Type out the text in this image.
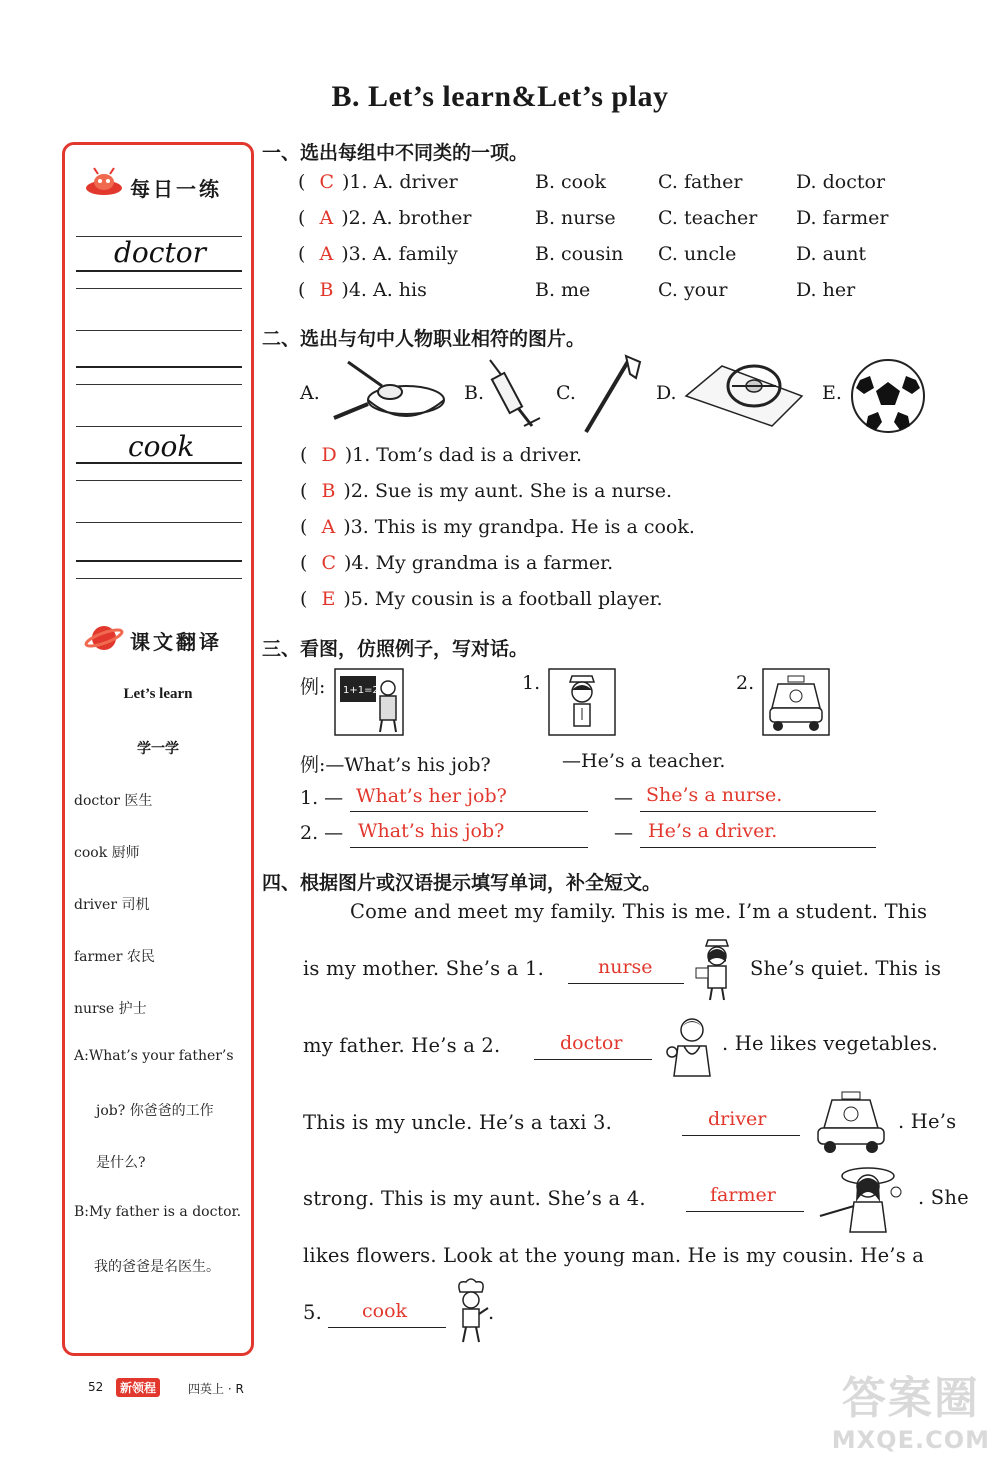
B. Let’s learn&Let’s play
每日一练
doctor
cook
课文翻译
Let’s learn
学一学
doctor 医生
cook 厨师
driver 司机
farmer 农民
nurse 护士
A:What’s your father’s
job? 你爸爸的工作
是什么?
B:My father is a doctor.
我的爸爸是名医生。
一、选出每组中不同类的一项。
( C )1. A. driver	B. cook	C. father	D. doctor
( A )2. A. brother	B. nurse C. teacher D. farmer
( A )3. A. family	B. cousin C. uncle	D. aunt
( B )4. A. his	B. me	C. your	D. her
二、选出与句中人物职业相符的图片。
A.	B.	C.	D.	E.
( D )1. Tom’s dad is a driver.
( B )2. Sue is my aunt. She is a nurse.
( A )3. This is my grandpa. He is a cook.
( C )4. My grandma is a farmer.
( E )5. My cousin is a football player.
三、看图，仿照例子，写对话。
例: 1+1=2	1.	2.
例:—What’s his job?	—He’s a teacher.
1. — What’s her job?	— She’s a nurse.
2. — What’s his job?	— He’s a driver.
四、根据图片或汉语提示填写单词，补全短文。
Come and meet my family. This is me. I’m a student. This
is my mother. She’s a 1.	nurse	She’s quiet. This is
my father. He’s a 2.	doctor	. He likes vegetables.
This is my uncle. He’s a taxi 3.	driver	. He’s
strong. This is my aunt. She’s a 4.	farmer	. She
likes flowers. Look at the young man. He is my cousin. He’s a
5. cook	.
52	新领程	四英上 · R	答案圈
MXQE.COM
